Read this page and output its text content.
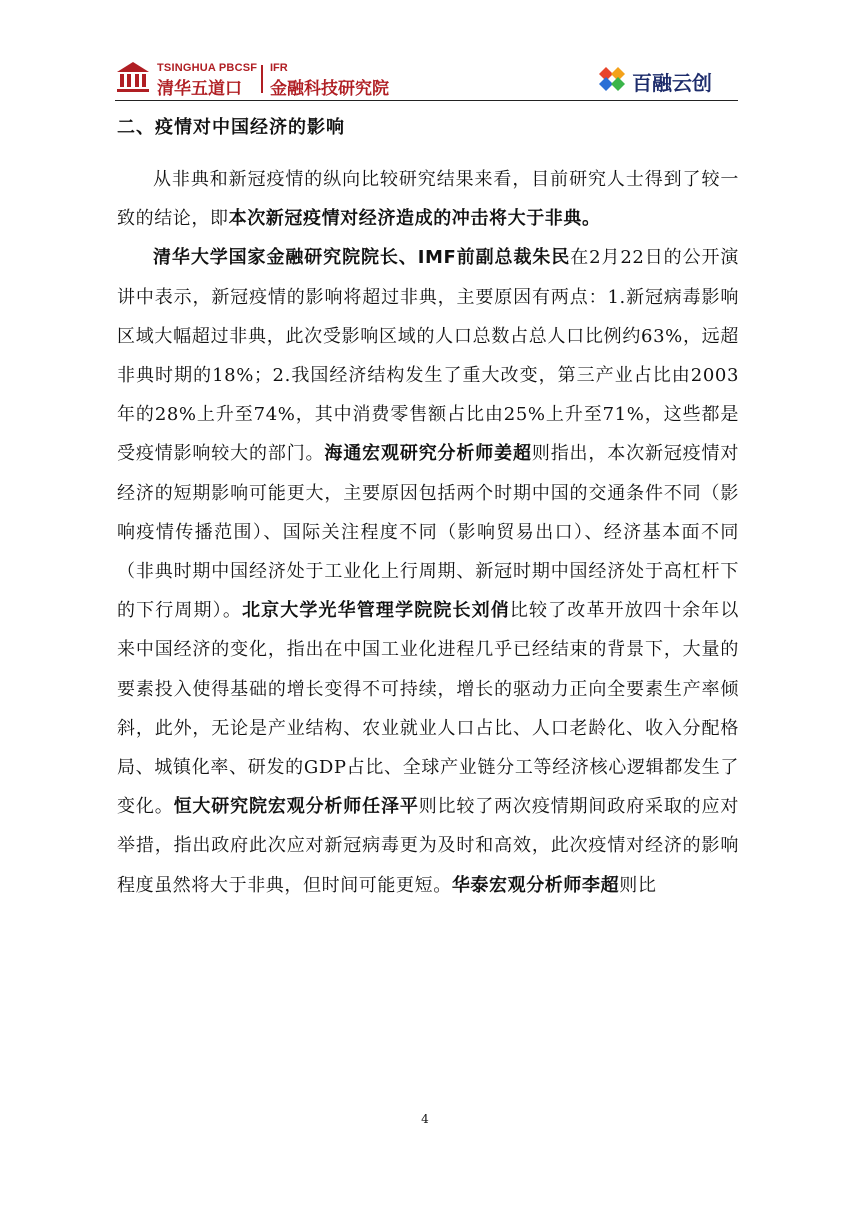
TSINGHUA PBCSF
清华五道口
IFR
金融科技研究院	百融云创
二、疫情对中国经济的影响

从非典和新冠疫情的纵向比较研究结果来看，目前研究人士得到了较一致的结论，即本次新冠疫情对经济造成的冲击将大于非典。

清华大学国家金融研究院院长、IMF前副总裁朱民在2月22日的公开演讲中表示，新冠疫情的影响将超过非典，主要原因有两点：1.新冠病毒影响区域大幅超过非典，此次受影响区域的人口总数占总人口比例约63%，远超非典时期的18%；2.我国经济结构发生了重大改变，第三产业占比由2003年的28%上升至74%，其中消费零售额占比由25%上升至71%，这些都是受疫情影响较大的部门。海通宏观研究分析师姜超则指出，本次新冠疫情对经济的短期影响可能更大，主要原因包括两个时期中国的交通条件不同（影响疫情传播范围）、国际关注程度不同（影响贸易出口）、经济基本面不同（非典时期中国经济处于工业化上行周期、新冠时期中国经济处于高杠杆下的下行周期）。北京大学光华管理学院院长刘俏比较了改革开放四十余年以来中国经济的变化，指出在中国工业化进程几乎已经结束的背景下，大量的要素投入使得基础的增长变得不可持续，增长的驱动力正向全要素生产率倾斜，此外，无论是产业结构、农业就业人口占比、人口老龄化、收入分配格局、城镇化率、研发的GDP占比、全球产业链分工等经济核心逻辑都发生了变化。恒大研究院宏观分析师任泽平则比较了两次疫情期间政府采取的应对举措，指出政府此次应对新冠病毒更为及时和高效，此次疫情对经济的影响程度虽然将大于非典，但时间可能更短。华泰宏观分析师李超则比

4
